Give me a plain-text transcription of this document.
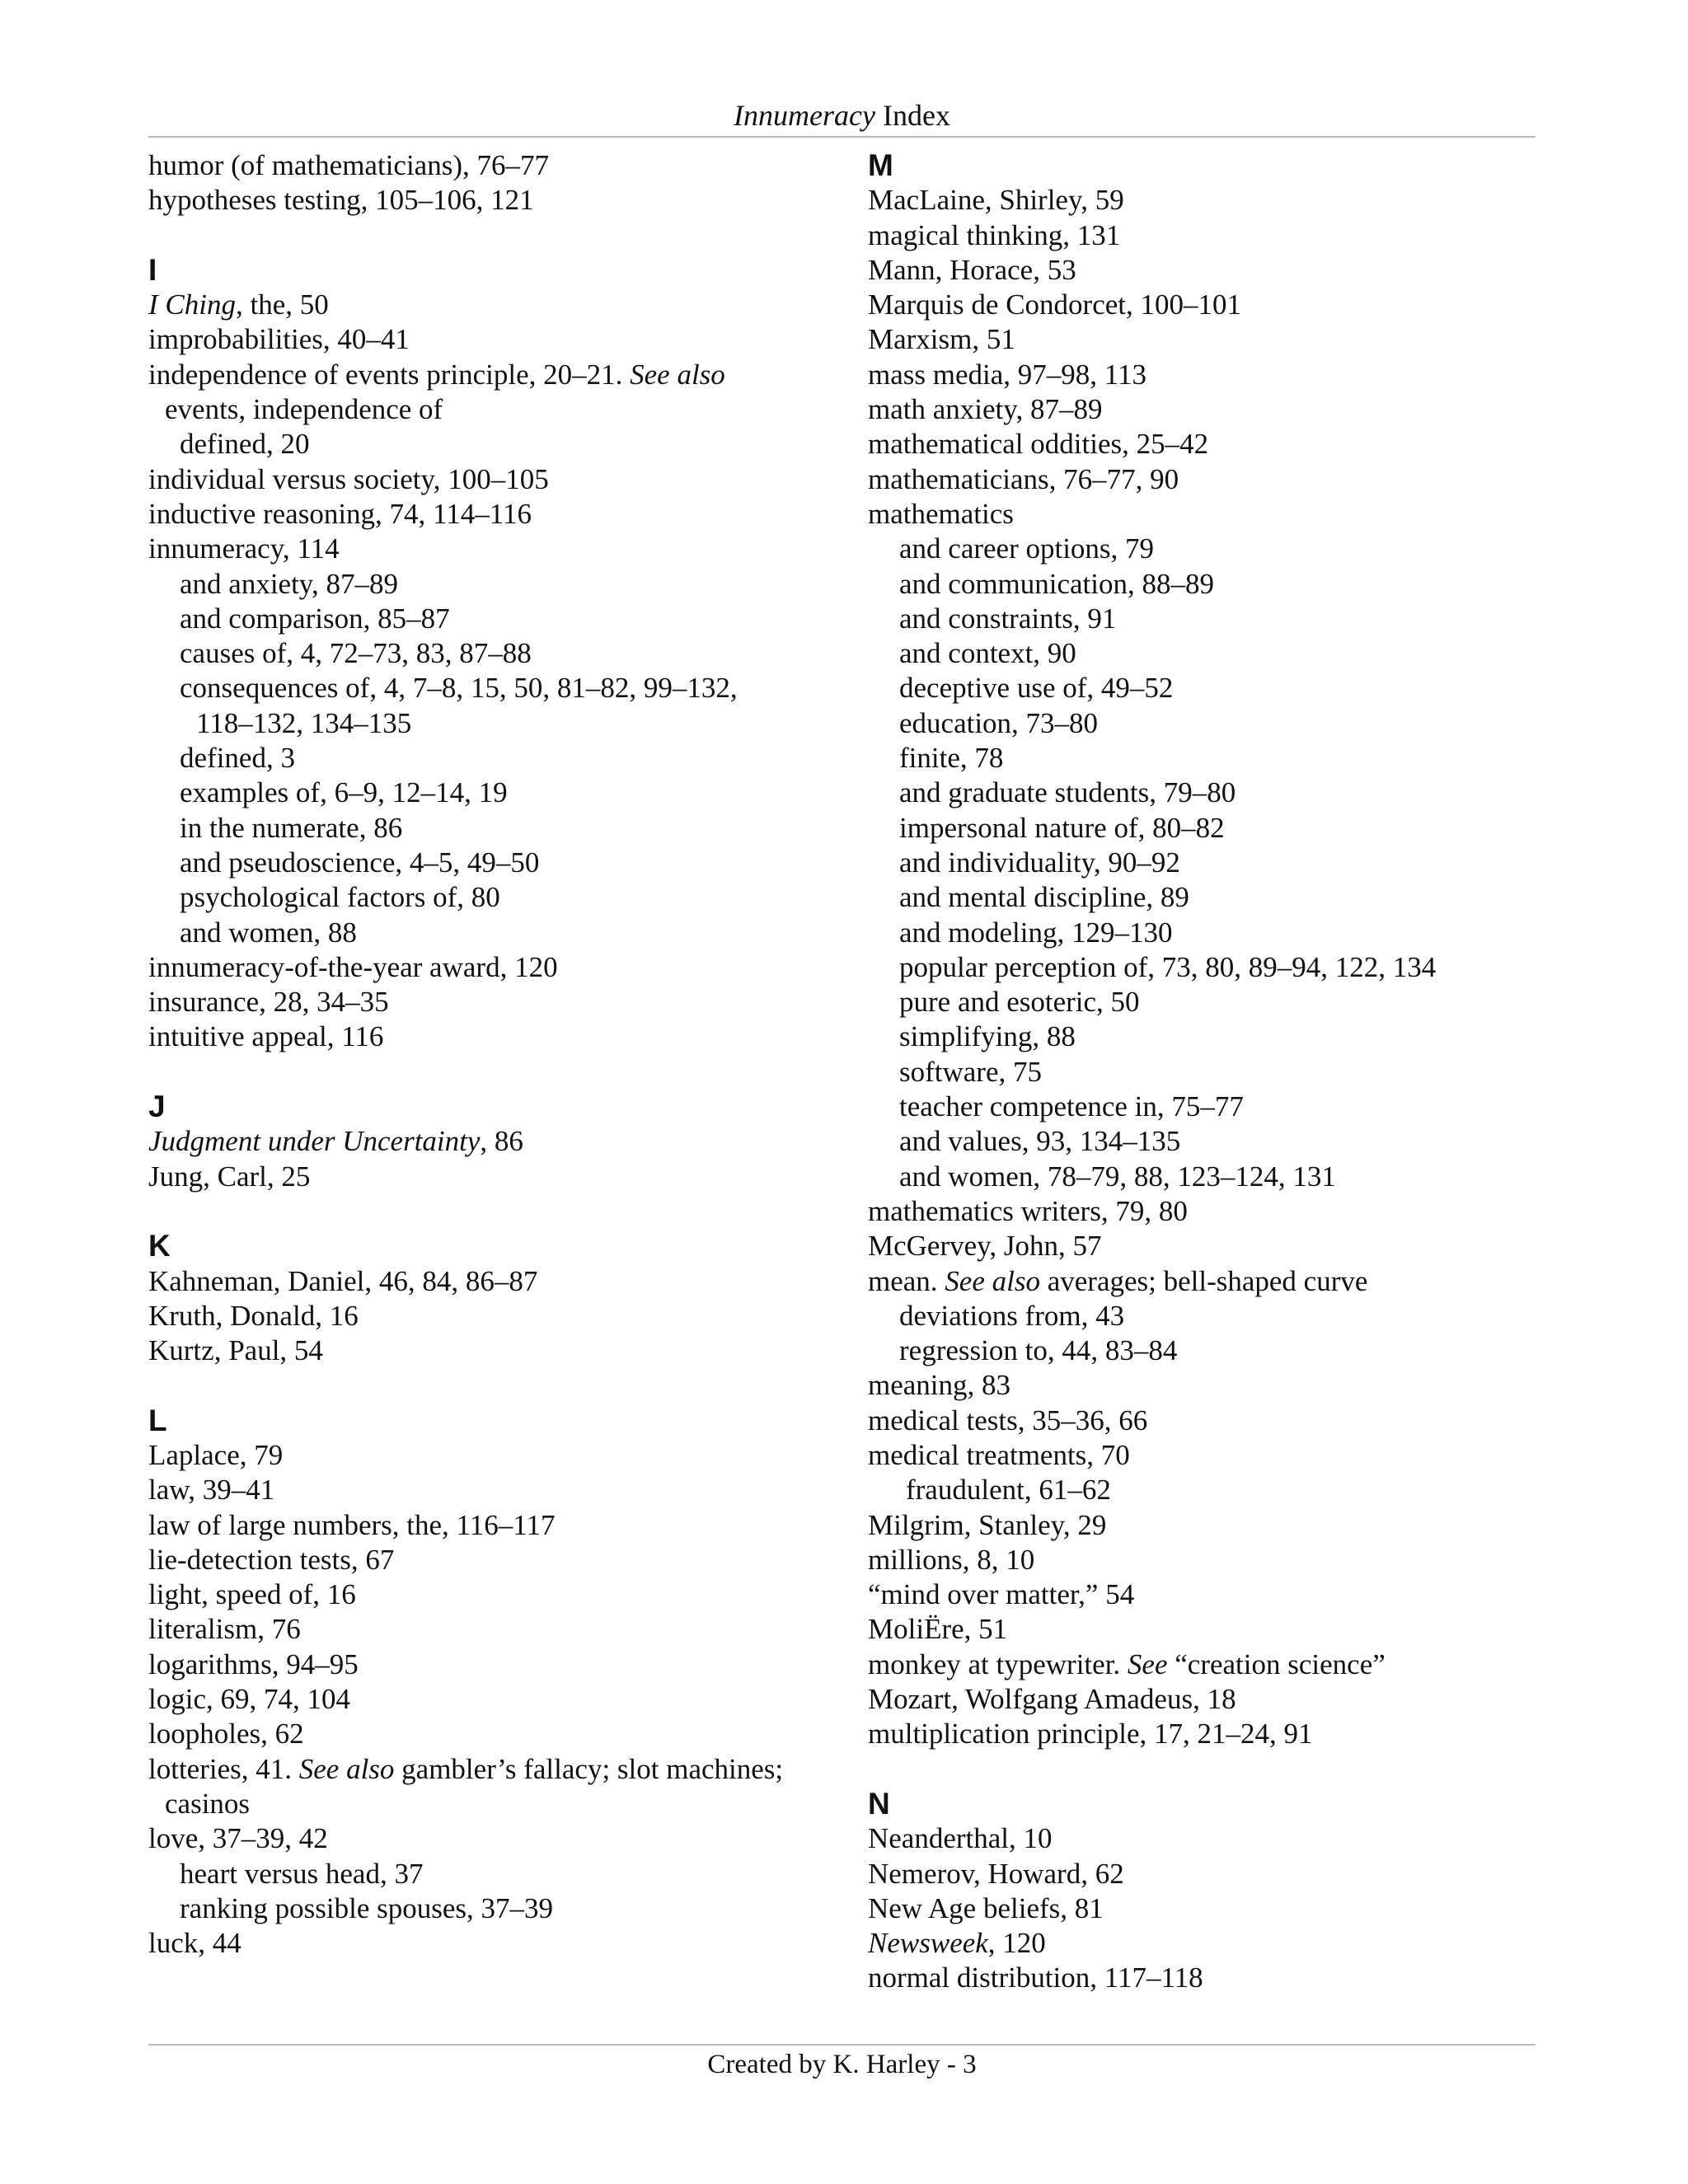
Innumeracy Index
humor (of mathematicians), 76–77
hypotheses testing, 105–106, 121
I
I Ching, the, 50
improbabilities, 40–41
independence of events principle, 20–21. See also
events, independence of
defined, 20
individual versus society, 100–105
inductive reasoning, 74, 114–116
innumeracy, 114
and anxiety, 87–89
and comparison, 85–87
causes of, 4, 72–73, 83, 87–88
consequences of, 4, 7–8, 15, 50, 81–82, 99–132,
118–132, 134–135
defined, 3
examples of, 6–9, 12–14, 19
in the numerate, 86
and pseudoscience, 4–5, 49–50
psychological factors of, 80
and women, 88
innumeracy-of-the-year award, 120
insurance, 28, 34–35
intuitive appeal, 116
J
Judgment under Uncertainty, 86
Jung, Carl, 25
K
Kahneman, Daniel, 46, 84, 86–87
Kruth, Donald, 16
Kurtz, Paul, 54
L
Laplace, 79
law, 39–41
law of large numbers, the, 116–117
lie-detection tests, 67
light, speed of, 16
literalism, 76
logarithms, 94–95
logic, 69, 74, 104
loopholes, 62
lotteries, 41. See also gambler’s fallacy; slot machines;
casinos
love, 37–39, 42
heart versus head, 37
ranking possible spouses, 37–39
luck, 44
M
MacLaine, Shirley, 59
magical thinking, 131
Mann, Horace, 53
Marquis de Condorcet, 100–101
Marxism, 51
mass media, 97–98, 113
math anxiety, 87–89
mathematical oddities, 25–42
mathematicians, 76–77, 90
mathematics
and career options, 79
and communication, 88–89
and constraints, 91
and context, 90
deceptive use of, 49–52
education, 73–80
finite, 78
and graduate students, 79–80
impersonal nature of, 80–82
and individuality, 90–92
and mental discipline, 89
and modeling, 129–130
popular perception of, 73, 80, 89–94, 122, 134
pure and esoteric, 50
simplifying, 88
software, 75
teacher competence in, 75–77
and values, 93, 134–135
and women, 78–79, 88, 123–124, 131
mathematics writers, 79, 80
McGervey, John, 57
mean. See also averages; bell-shaped curve
deviations from, 43
regression to, 44, 83–84
meaning, 83
medical tests, 35–36, 66
medical treatments, 70
fraudulent, 61–62
Milgrim, Stanley, 29
millions, 8, 10
“mind over matter,” 54
MoliËre, 51
monkey at typewriter. See “creation science”
Mozart, Wolfgang Amadeus, 18
multiplication principle, 17, 21–24, 91
N
Neanderthal, 10
Nemerov, Howard, 62
New Age beliefs, 81
Newsweek, 120
normal distribution, 117–118
Created by K. Harley - 3
